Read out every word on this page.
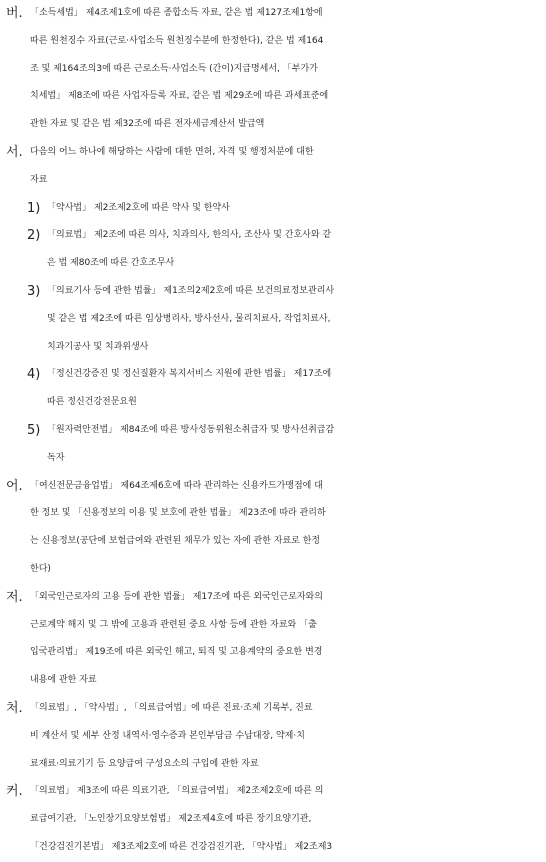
버. 「소득세법」 제4조제1호에 따른 종합소득 자료, 같은 법 제127조제1항에
따른 원천징수 자료(근로·사업소득 원천징수분에 한정한다), 같은 법 제164
조 및 제164조의3에 따른 근로소득·사업소득 (간이)지급명세서, 「부가가
치세법」 제8조에 따른 사업자등록 자료, 같은 법 제29조에 따른 과세표준에
관한 자료 및 같은 법 제32조에 따른 전자세금계산서 발급액
서. 다음의 어느 하나에 해당하는 사람에 대한 면허, 자격 및 행정처분에 대한
자료
1) 「약사법」 제2조제2호에 따른 약사 및 한약사
2) 「의료법」 제2조에 따른 의사, 치과의사, 한의사, 조산사 및 간호사와 같
은 법 제80조에 따른 간호조무사
3) 「의료기사 등에 관한 법률」 제1조의2제2호에 따른 보건의료정보관리사
및 같은 법 제2조에 따른 임상병리사, 방사선사, 물리치료사, 작업치료사,
치과기공사 및 치과위생사
4) 「정신건강증진 및 정신질환자 복지서비스 지원에 관한 법률」 제17조에
따른 정신건강전문요원
5) 「원자력안전법」 제84조에 따른 방사성동위원소취급자 및 방사선취급감
독자
어. 「여신전문금융업법」 제64조제6호에 따라 관리하는 신용카드가맹점에 대
한 정보 및 「신용정보의 이용 및 보호에 관한 법률」 제23조에 따라 관리하
는 신용정보(공단에 보험급여와 관련된 채무가 있는 자에 관한 자료로 한정
한다)
저. 「외국인근로자의 고용 등에 관한 법률」 제17조에 따른 외국인근로자와의
근로계약 해지 및 그 밖에 고용과 관련된 중요 사항 등에 관한 자료와 「출
입국관리법」 제19조에 따른 외국인 해고, 퇴직 및 고용계약의 중요한 변경
내용에 관한 자료
처. 「의료법」, 「약사법」, 「의료급여법」에 따른 진료·조제 기록부, 진료
비 계산서 및 세부 산정 내역서·영수증과 본인부담금 수납대장, 약제·치
료재료·의료기기 등 요양급여 구성요소의 구입에 관한 자료
커. 「의료법」 제3조에 따른 의료기관, 「의료급여법」 제2조제2호에 따른 의
료급여기관, 「노인장기요양보험법」 제2조제4호에 따른 장기요양기관,
「건강검진기본법」 제3조제2호에 따른 건강검진기관, 「약사법」 제2조제3
